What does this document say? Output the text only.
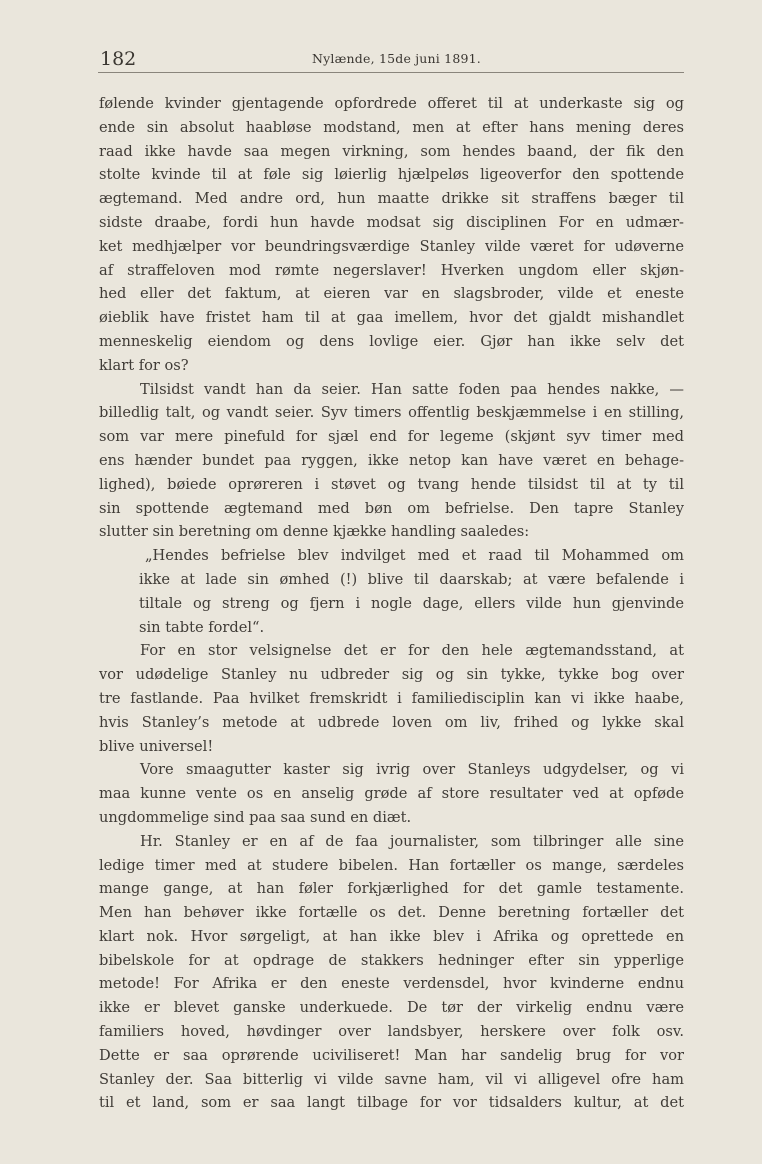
182	Nylænde, 15de juni 1891.
følende kvinder gjentagende opfordrede offeret til at underkaste sig og
ende sin absolut haabløse modstand, men at efter hans mening deres
raad ikke havde saa megen virkning, som hendes baand, der fik den
stolte kvinde til at føle sig løierlig hjælpeløs ligeoverfor den spottende
ægtemand. Med andre ord, hun maatte drikke sit straffens bæger til
sidste draabe, fordi hun havde modsat sig disciplinen For en udmær-
ket medhjælper vor beundringsværdige Stanley vilde været for udøverne
af straffeloven mod rømte negerslaver! Hverken ungdom eller skjøn-
hed eller det faktum, at eieren var en slagsbroder, vilde et eneste
øieblik have fristet ham til at gaa imellem, hvor det gjaldt mishandlet
menneskelig eiendom og dens lovlige eier. Gjør han ikke selv det
klart for os?
Tilsidst vandt han da seier. Han satte foden paa hendes nakke, —
billedlig talt, og vandt seier. Syv timers offentlig beskjæmmelse i en stilling,
som var mere pinefuld for sjæl end for legeme (skjønt syv timer med
ens hænder bundet paa ryggen, ikke netop kan have været en behage-
lighed), bøiede oprøreren i støvet og tvang hende tilsidst til at ty til
sin spottende ægtemand med bøn om befrielse. Den tapre Stanley
slutter sin beretning om denne kjække handling saaledes:
„Hendes befrielse blev indvilget med et raad til Mohammed om
ikke at lade sin ømhed (!) blive til daarskab; at være befalende i
tiltale og streng og fjern i nogle dage, ellers vilde hun gjenvinde
sin tabte fordel“.
For en stor velsignelse det er for den hele ægtemandsstand, at
vor udødelige Stanley nu udbreder sig og sin tykke, tykke bog over
tre fastlande. Paa hvilket fremskridt i familiedisciplin kan vi ikke haabe,
hvis Stanley’s metode at udbrede loven om liv, frihed og lykke skal
blive universel!
Vore smaagutter kaster sig ivrig over Stanleys udgydelser, og vi
maa kunne vente os en anselig grøde af store resultater ved at opføde
ungdommelige sind paa saa sund en diæt.
Hr. Stanley er en af de faa journalister, som tilbringer alle sine
ledige timer med at studere bibelen. Han fortæller os mange, særdeles
mange gange, at han føler forkjærlighed for det gamle testamente.
Men han behøver ikke fortælle os det. Denne beretning fortæller det
klart nok. Hvor sørgeligt, at han ikke blev i Afrika og oprettede en
bibelskole for at opdrage de stakkers hedninger efter sin ypperlige
metode! For Afrika er den eneste verdensdel, hvor kvinderne endnu
ikke er blevet ganske underkuede. De tør der virkelig endnu være
familiers hoved, høvdinger over landsbyer, herskere over folk osv.
Dette er saa oprørende uciviliseret! Man har sandelig brug for vor
Stanley der. Saa bitterlig vi vilde savne ham, vil vi alligevel ofre ham
til et land, som er saa langt tilbage for vor tidsalders kultur, at det
